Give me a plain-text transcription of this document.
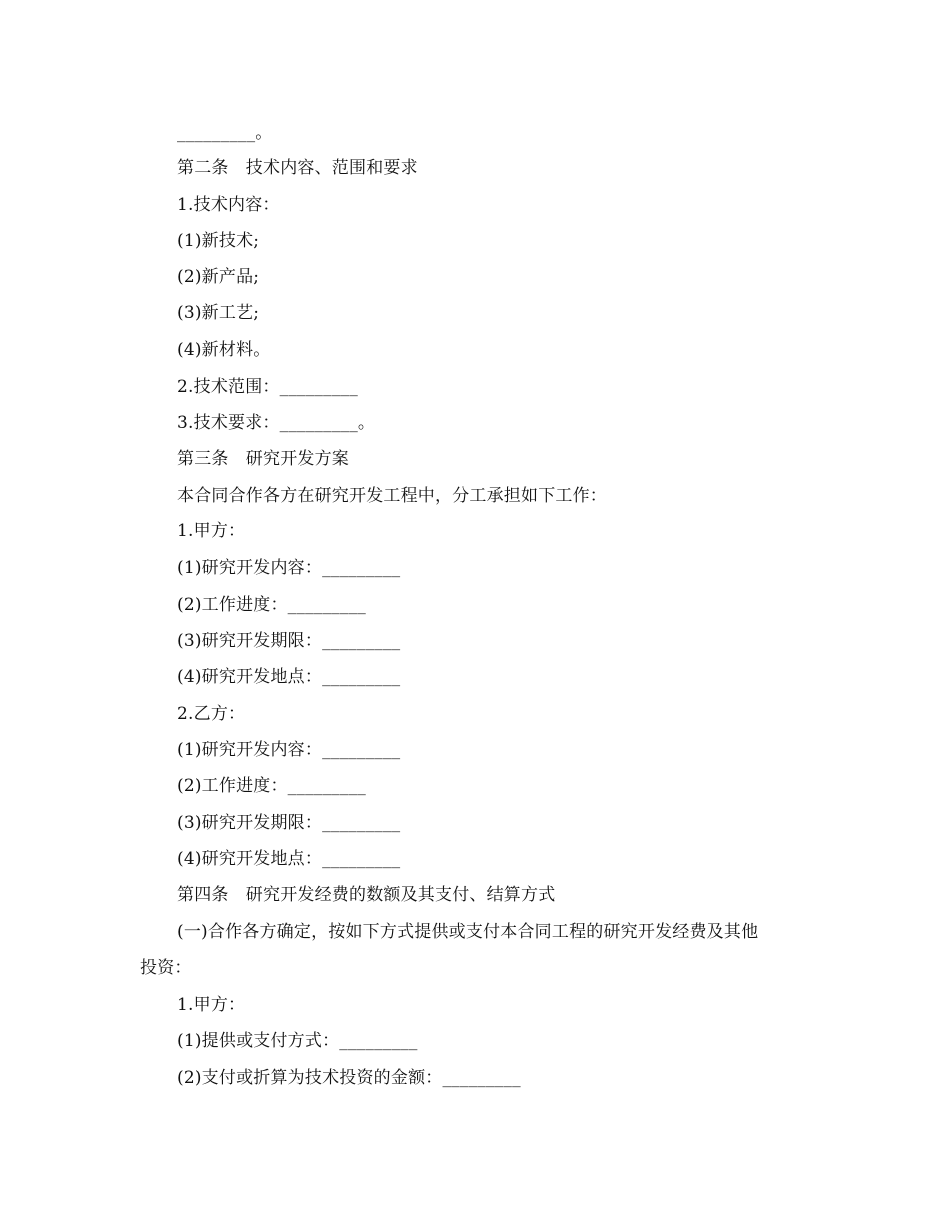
_________。
第二条　技术内容、范围和要求
1.技术内容：
(1)新技术;
(2)新产品;
(3)新工艺;
(4)新材料。
2.技术范围：_________
3.技术要求：_________。
第三条　研究开发方案
本合同合作各方在研究开发工程中，分工承担如下工作：
1.甲方：
(1)研究开发内容：_________
(2)工作进度：_________
(3)研究开发期限：_________
(4)研究开发地点：_________
2.乙方：
(1)研究开发内容：_________
(2)工作进度：_________
(3)研究开发期限：_________
(4)研究开发地点：_________
第四条　研究开发经费的数额及其支付、结算方式
(一)合作各方确定，按如下方式提供或支付本合同工程的研究开发经费及其他
投资：
1.甲方：
(1)提供或支付方式：_________
(2)支付或折算为技术投资的金额：_________
